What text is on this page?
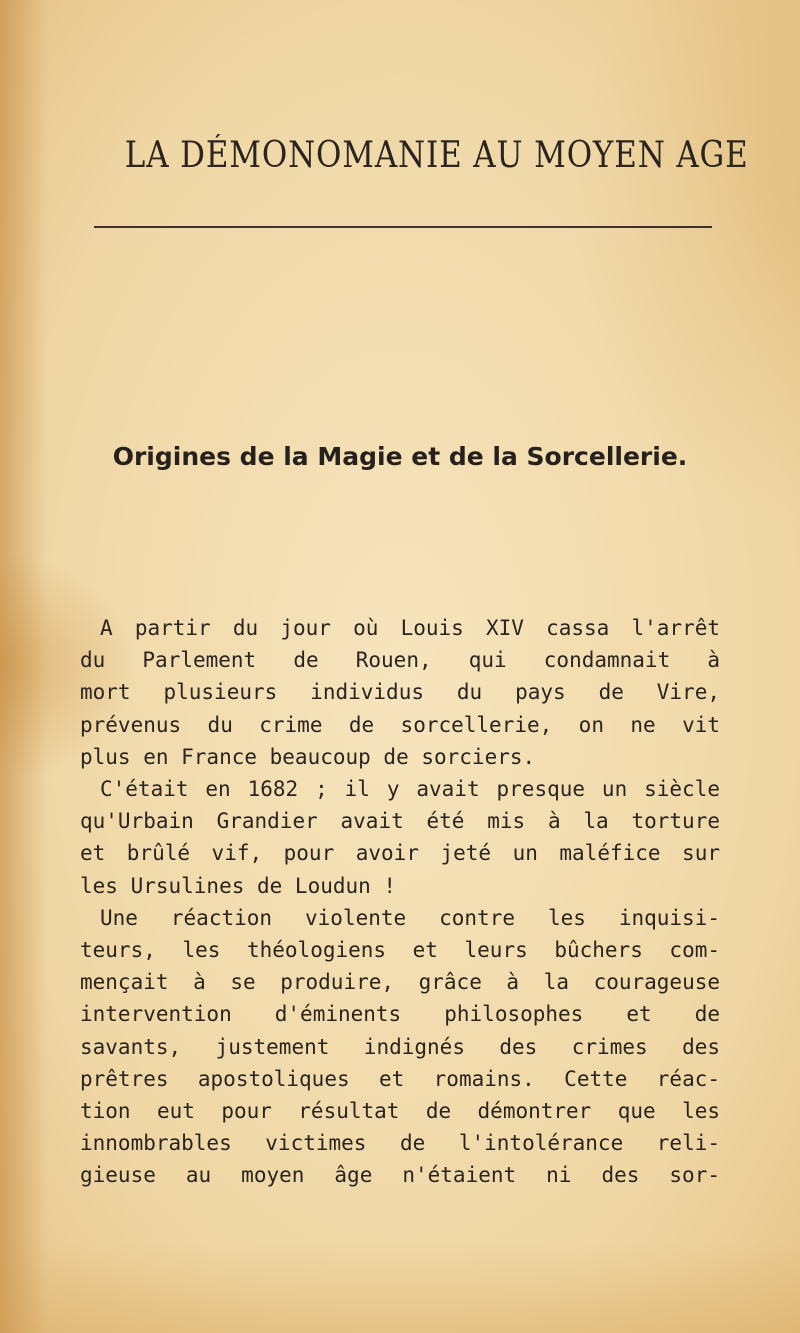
LA DÉMONOMANIE AU MOYEN AGE
Origines de la Magie et de la Sorcellerie.
A partir du jour où Louis XIV cassa l'arrêt
du Parlement de Rouen, qui condamnait à
mort plusieurs individus du pays de Vire,
prévenus du crime de sorcellerie, on ne vit
plus en France beaucoup de sorciers.
C'était en 1682 ; il y avait presque un siècle
qu'Urbain Grandier avait été mis à la torture
et brûlé vif, pour avoir jeté un maléfice sur
les Ursulines de Loudun !
Une réaction violente contre les inquisi-
teurs, les théologiens et leurs bûchers com-
mençait à se produire, grâce à la courageuse
intervention d'éminents philosophes et de
savants, justement indignés des crimes des
prêtres apostoliques et romains. Cette réac-
tion eut pour résultat de démontrer que les
innombrables victimes de l'intolérance reli-
gieuse au moyen âge n'étaient ni des sor-
